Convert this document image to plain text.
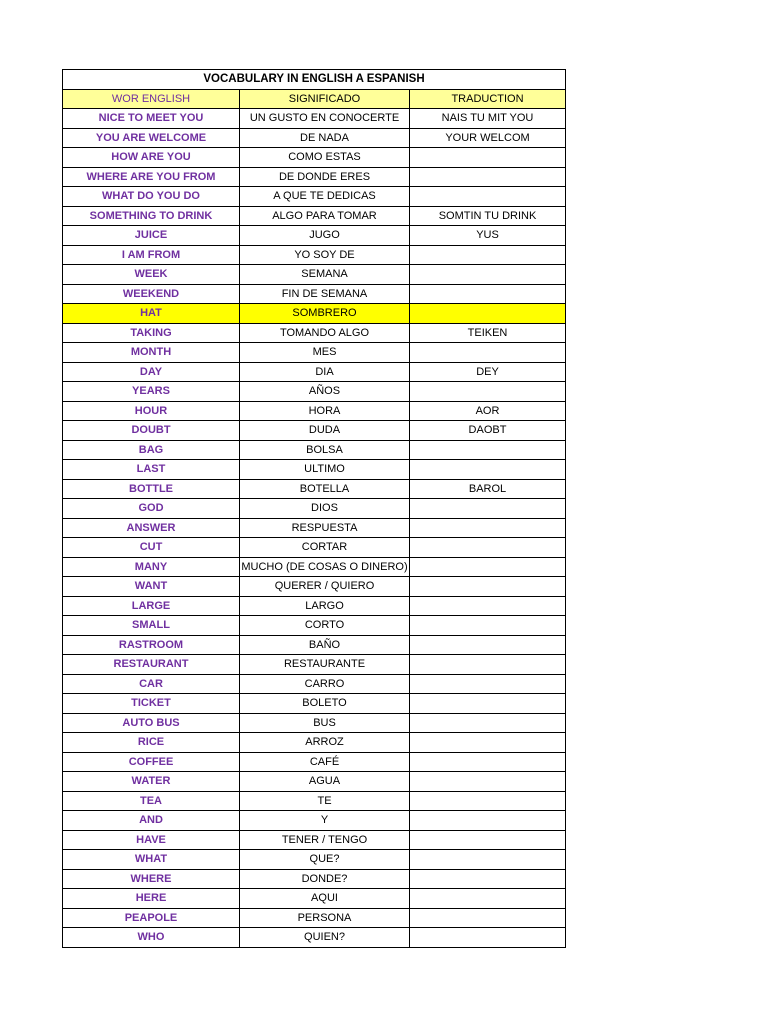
VOCABULARY IN ENGLISH A ESPANISH		
WOR ENGLISH	SIGNIFICADO	TRADUCTION
NICE TO MEET YOU	UN GUSTO EN CONOCERTE	NAIS TU MIT YOU
YOU ARE WELCOME	DE NADA	YOUR WELCOM
HOW ARE YOU	COMO ESTAS	
WHERE ARE YOU FROM	DE DONDE ERES	
WHAT DO YOU DO	A QUE TE DEDICAS	
SOMETHING TO DRINK	ALGO PARA TOMAR	SOMTIN TU DRINK
JUICE	JUGO	YUS
I AM FROM	YO SOY DE	
WEEK	SEMANA	
WEEKEND	FIN DE SEMANA	
HAT	SOMBRERO	
TAKING	TOMANDO ALGO	TEIKEN
MONTH	MES	
DAY	DIA	DEY
YEARS	AÑOS	
HOUR	HORA	AOR
DOUBT	DUDA	DAOBT
BAG	BOLSA	
LAST	ULTIMO	
BOTTLE	BOTELLA	BAROL
GOD	DIOS	
ANSWER	RESPUESTA	
CUT	CORTAR	
MANY	MUCHO (DE COSAS O DINERO)	
WANT	QUERER / QUIERO	
LARGE	LARGO	
SMALL	CORTO	
RASTROOM	BAÑO	
RESTAURANT	RESTAURANTE	
CAR	CARRO	
TICKET	BOLETO	
AUTO BUS	BUS	
RICE	ARROZ	
COFFEE	CAFÉ	
WATER	AGUA	
TEA	TE	
AND	Y	
HAVE	TENER / TENGO	
WHAT	QUE?	
WHERE	DONDE?	
HERE	AQUI	
PEAPOLE	PERSONA	
WHO	QUIEN?	
